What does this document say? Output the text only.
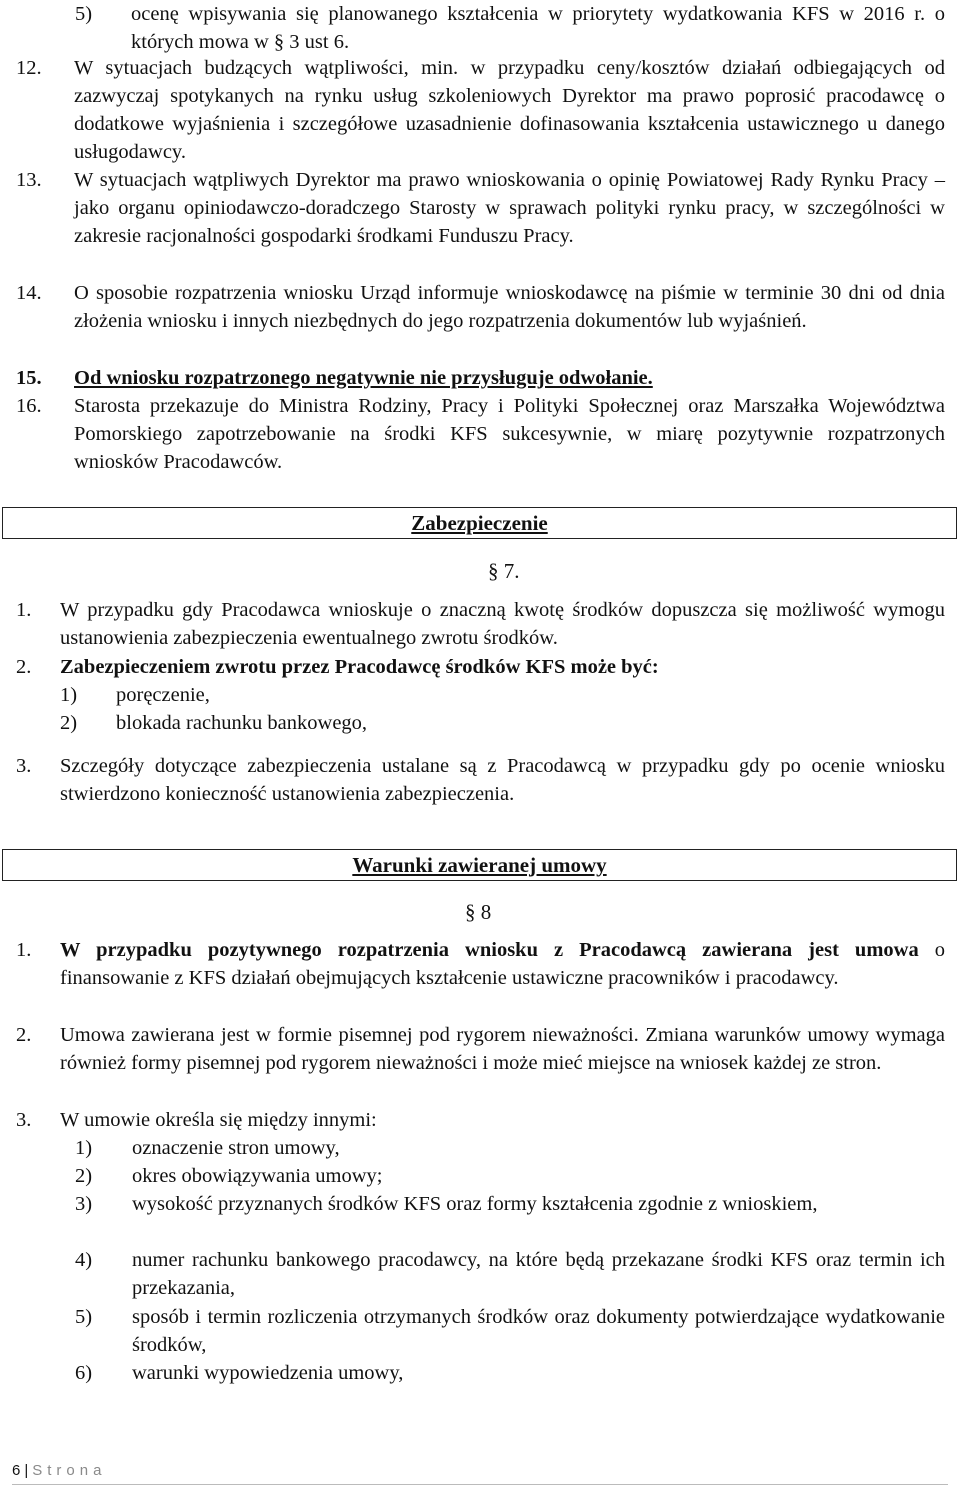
5)	ocenę wpisywania się planowanego kształcenia w priorytety wydatkowania KFS w 2016 r. o których mowa w § 3 ust 6.
12.	W sytuacjach budzących wątpliwości, min. w przypadku ceny/kosztów działań odbiegających od zazwyczaj spotykanych na rynku usług szkoleniowych Dyrektor ma prawo poprosić pracodawcę o dodatkowe wyjaśnienia i szczegółowe uzasadnienie dofinasowania kształcenia ustawicznego u danego usługodawcy.
13.	W sytuacjach wątpliwych Dyrektor ma prawo wnioskowania o opinię Powiatowej Rady Rynku Pracy – jako organu opiniodawczo-doradczego Starosty w sprawach polityki rynku pracy, w szczególności w zakresie racjonalności gospodarki środkami Funduszu Pracy.
14.	O sposobie rozpatrzenia wniosku Urząd informuje wnioskodawcę na piśmie w terminie 30 dni od dnia złożenia wniosku i innych niezbędnych do jego rozpatrzenia dokumentów lub wyjaśnień.
15.	Od wniosku rozpatrzonego negatywnie nie przysługuje odwołanie.
16.	Starosta przekazuje do Ministra Rodziny, Pracy i Polityki Społecznej oraz Marszałka Województwa Pomorskiego zapotrzebowanie na środki KFS sukcesywnie, w miarę pozytywnie rozpatrzonych wniosków Pracodawców.
Zabezpieczenie
§ 7.
1.	W przypadku gdy Pracodawca wnioskuje o znaczną kwotę środków dopuszcza się możliwość wymogu ustanowienia zabezpieczenia ewentualnego zwrotu środków.
2.	Zabezpieczeniem zwrotu przez Pracodawcę środków KFS może być:
1)	poręczenie,
2)	blokada rachunku bankowego,
3.	Szczegóły dotyczące zabezpieczenia ustalane są z Pracodawcą w przypadku gdy po ocenie wniosku stwierdzono konieczność ustanowienia zabezpieczenia.
Warunki zawieranej umowy
§ 8
1.	W przypadku pozytywnego rozpatrzenia wniosku z Pracodawcą zawierana jest umowa o finansowanie z KFS działań obejmujących kształcenie ustawiczne pracowników i pracodawcy.
2.	Umowa zawierana jest w formie pisemnej pod rygorem nieważności. Zmiana warunków umowy wymaga również formy pisemnej pod rygorem nieważności i może mieć miejsce na wniosek każdej ze stron.
3.	W umowie określa się między innymi:
1)	oznaczenie stron umowy,
2)	okres obowiązywania umowy;
3)	wysokość przyznanych środków KFS oraz formy kształcenia zgodnie z wnioskiem,
4)	numer rachunku bankowego pracodawcy, na które będą przekazane środki KFS oraz termin ich przekazania,
5)	sposób i termin rozliczenia otrzymanych środków oraz dokumenty potwierdzające wydatkowanie środków,
6)	warunki wypowiedzenia umowy,
6 | Strona
